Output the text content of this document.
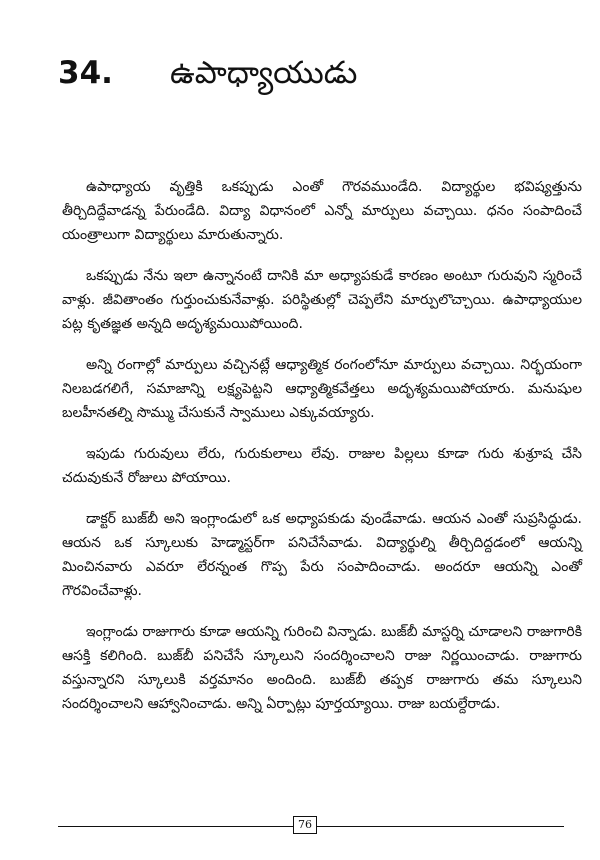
34. ఉపాధ్యాయుడు

ఉపాధ్యాయ వృత్తికి ఒకప్పుడు ఎంతో గౌరవముండేది. విద్యార్థుల భవిష్యత్తును తీర్చిదిద్దేవాడన్న పేరుండేది. విద్యా విధానంలో ఎన్నో మార్పులు వచ్చాయి. ధనం సంపాదించే యంత్రాలుగా విద్యార్థులు మారుతున్నారు.

ఒకప్పుడు నేను ఇలా ఉన్నానంటే దానికి మా అధ్యాపకుడే కారణం అంటూ గురువుని స్మరించే వాళ్లు. జీవితాంతం గుర్తుంచుకునేవాళ్లు. పరిస్థితుల్లో చెప్పలేని మార్పులొచ్చాయి. ఉపాధ్యాయుల పట్ల కృతజ్ఞత అన్నది అదృశ్యమయిపోయింది.

అన్ని రంగాల్లో మార్పులు వచ్చినట్లే ఆధ్యాత్మిక రంగంలోనూ మార్పులు వచ్చాయి. నిర్భయంగా నిలబడగలిగే, సమాజాన్ని లక్ష్యపెట్టని ఆధ్యాత్మికవేత్తలు అదృశ్యమయిపోయారు. మనుషుల బలహీనతల్ని సొమ్ము చేసుకునే స్వాములు ఎక్కువయ్యారు.

ఇపుడు గురువులు లేరు, గురుకులాలు లేవు. రాజుల పిల్లలు కూడా గురు శుశ్రూష చేసి చదువుకునే రోజులు పోయాయి.

డాక్టర్ బుజ్‌బీ అని ఇంగ్లాండులో ఒక అధ్యాపకుడు వుండేవాడు. ఆయన ఎంతో సుప్రసిద్ధుడు. ఆయన ఒక స్కూలుకు హెడ్మాస్టర్‌గా పనిచేసేవాడు. విద్యార్థుల్ని తీర్చిదిద్దడంలో ఆయన్ని మించినవారు ఎవరూ లేరన్నంత గొప్ప పేరు సంపాదించాడు. అందరూ ఆయన్ని ఎంతో గౌరవించేవాళ్లు.

ఇంగ్లాండు రాజుగారు కూడా ఆయన్ని గురించి విన్నాడు. బుజ్‌బీ మాస్టర్ని చూడాలని రాజుగారికి ఆసక్తి కలిగింది. బుజ్‌బీ పనిచేసే స్కూలుని సందర్శించాలని రాజు నిర్ణయించాడు. రాజుగారు వస్తున్నారని స్కూలుకి వర్తమానం అందింది. బుజ్‌బీ తప్పక రాజుగారు తమ స్కూలుని సందర్శించాలని ఆహ్వానించాడు. అన్ని ఏర్పాట్లు పూర్తయ్యాయి. రాజు బయల్దేరాడు.

76
